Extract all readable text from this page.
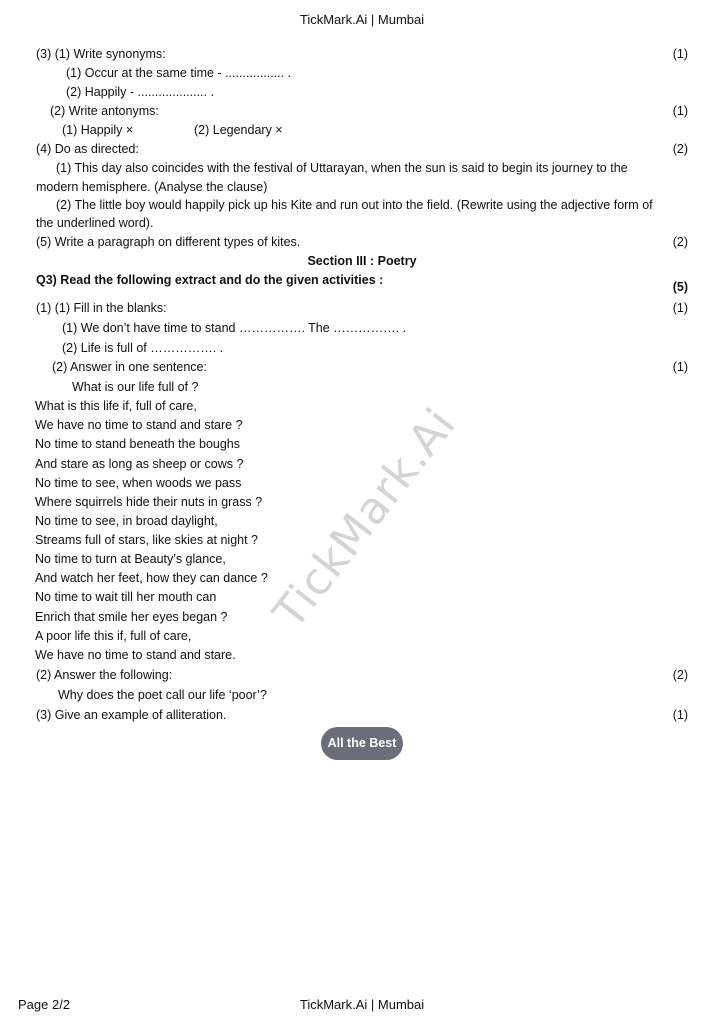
TickMark.Ai
TickMark.Ai | Mumbai
(3) (1) Write synonyms:	(1)
(1) Occur at the same time - ................. .
(2) Happily - .................... .
(2) Write antonyms:	(1)
(1) Happily ×	(2) Legendary ×
(4) Do as directed:	(2)
(1) This day also coincides with the festival of Uttarayan, when the sun is said to begin its journey to the
modern hemisphere. (Analyse the clause)
(2) The little boy would happily pick up his Kite and run out into the field. (Rewrite using the adjective form of
the underlined word).
(5) Write a paragraph on different types of kites.	(2)
Section III : Poetry
Q3) Read the following extract and do the given activities :	(5)
(1) (1) Fill in the blanks:	(1)
(1) We don’t have time to stand ……………. The ……………. .
(2) Life is full of ……………. .
(2) Answer in one sentence:	(1)
What is our life full of ?
What is this life if, full of care,
We have no time to stand and stare ?
No time to stand beneath the boughs
And stare as long as sheep or cows ?
No time to see, when woods we pass
Where squirrels hide their nuts in grass ?
No time to see, in broad daylight,
Streams full of stars, like skies at night ?
No time to turn at Beauty’s glance,
And watch her feet, how they can dance ?
No time to wait till her mouth can
Enrich that smile her eyes began ?
A poor life this if, full of care,
We have no time to stand and stare.
(2) Answer the following:	(2)
Why does the poet call our life ‘poor’?
(3) Give an example of alliteration.	(1)
All the Best
Page 2/2	TickMark.Ai | Mumbai
